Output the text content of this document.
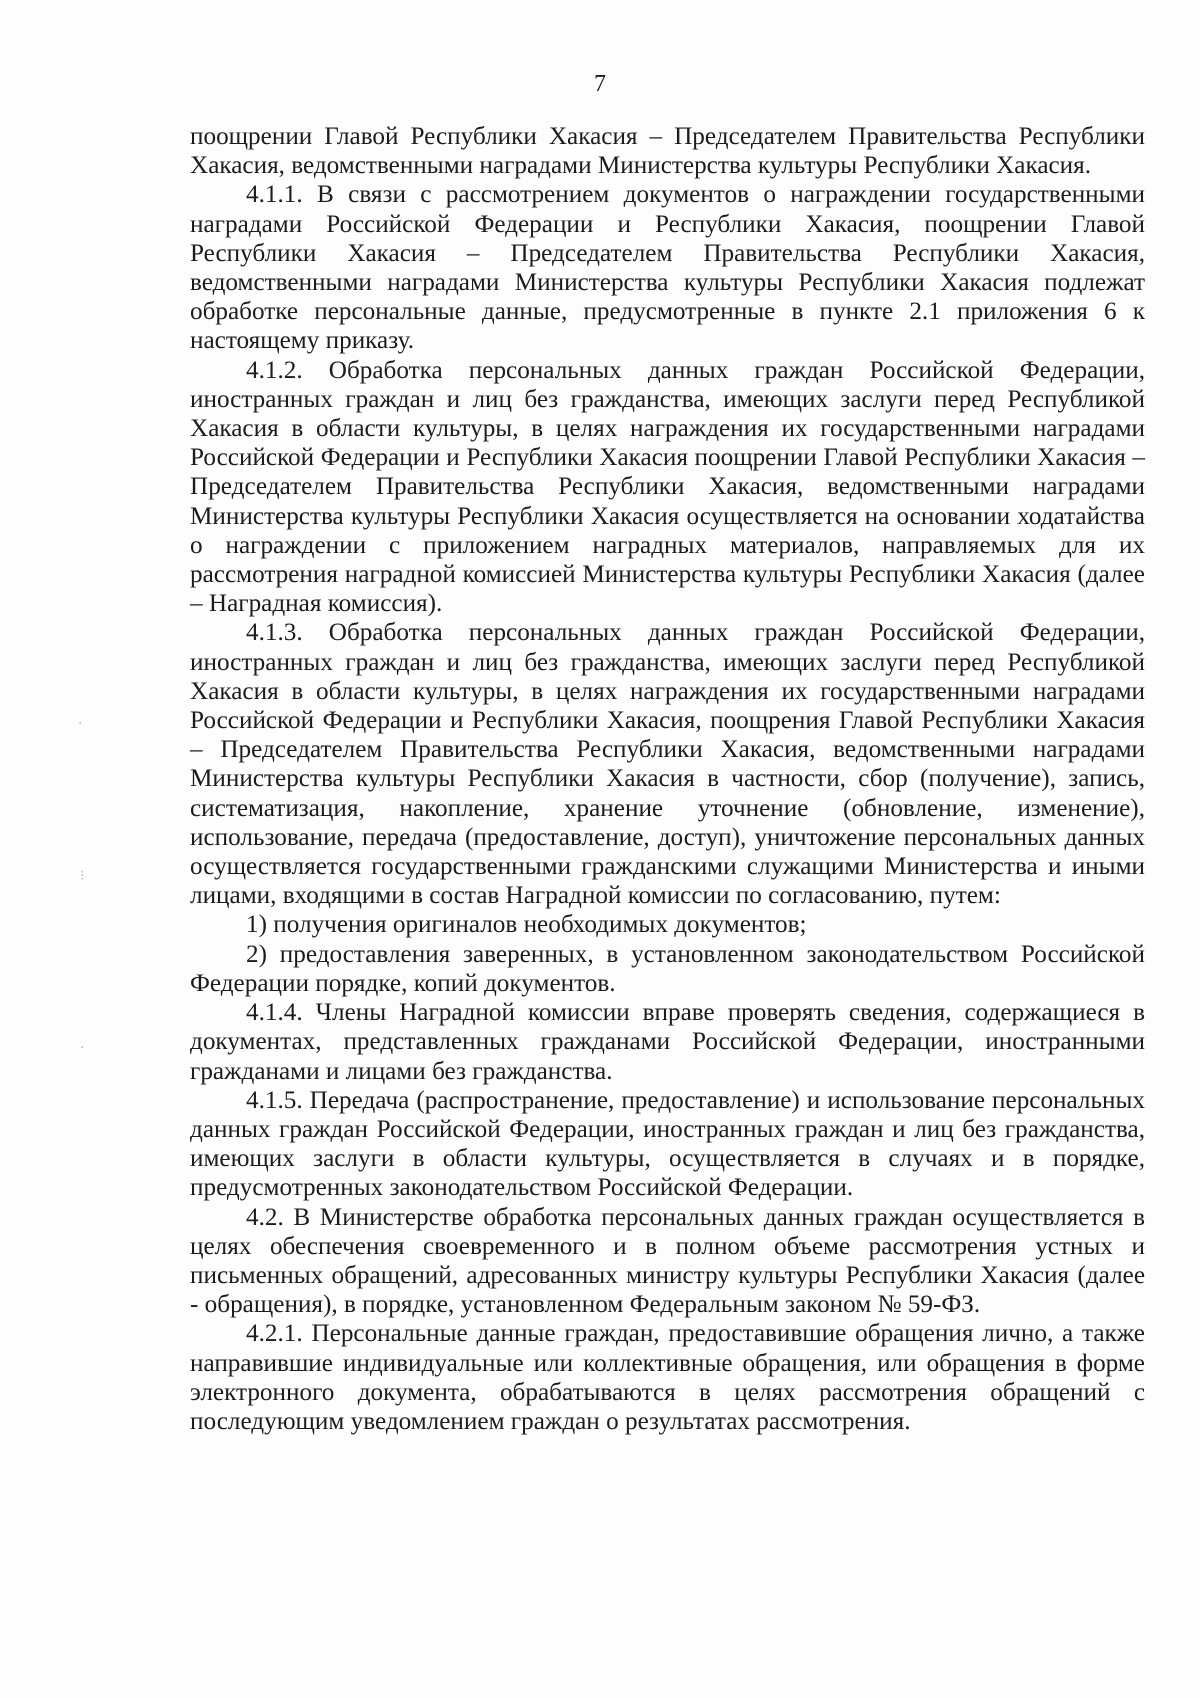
7

поощрении Главой Республики Хакасия – Председателем Правительства Республики Хакасия, ведомственными наградами Министерства культуры Республики Хакасия.

4.1.1. В связи с рассмотрением документов о награждении государственными наградами Российской Федерации и Республики Хакасия, поощрении Главой Республики Хакасия – Председателем Правительства Республики Хакасия, ведомственными наградами Министерства культуры Республики Хакасия подлежат обработке персональные данные, предусмотренные в пункте 2.1 приложения 6 к настоящему приказу.

4.1.2. Обработка персональных данных граждан Российской Федерации, иностранных граждан и лиц без гражданства, имеющих заслуги перед Республикой Хакасия в области культуры, в целях награждения их государственными наградами Российской Федерации и Республики Хакасия поощрении Главой Республики Хакасия – Председателем Правительства Республики Хакасия, ведомственными наградами Министерства культуры Республики Хакасия осуществляется на основании ходатайства о награждении с приложением наградных материалов, направляемых для их рассмотрения наградной комиссией Министерства культуры Республики Хакасия (далее – Наградная комиссия).

4.1.3. Обработка персональных данных граждан Российской Федерации, иностранных граждан и лиц без гражданства, имеющих заслуги перед Республикой Хакасия в области культуры, в целях награждения их государственными наградами Российской Федерации и Республики Хакасия, поощрения Главой Республики Хакасия – Председателем Правительства Республики Хакасия, ведомственными наградами Министерства культуры Республики Хакасия в частности, сбор (получение), запись, систематизация, накопление, хранение уточнение (обновление, изменение), использование, передача (предоставление, доступ), уничтожение персональных данных осуществляется государственными гражданскими служащими Министерства и иными лицами, входящими в состав Наградной комиссии по согласованию, путем:

1) получения оригиналов необходимых документов;

2) предоставления заверенных, в установленном законодательством Российской Федерации порядке, копий документов.

4.1.4. Члены Наградной комиссии вправе проверять сведения, содержащиеся в документах, представленных гражданами Российской Федерации, иностранными гражданами и лицами без гражданства.

4.1.5. Передача (распространение, предоставление) и использование персональных данных граждан Российской Федерации, иностранных граждан и лиц без гражданства, имеющих заслуги в области культуры, осуществляется в случаях и в порядке, предусмотренных законодательством Российской Федерации.

4.2. В Министерстве обработка персональных данных граждан осуществляется в целях обеспечения своевременного и в полном объеме рассмотрения устных и письменных обращений, адресованных министру культуры Республики Хакасия (далее - обращения), в порядке, установленном Федеральным законом № 59-ФЗ.

4.2.1. Персональные данные граждан, предоставившие обращения лично, а также направившие индивидуальные или коллективные обращения, или обращения в форме электронного документа, обрабатываются в целях рассмотрения обращений с последующим уведомлением граждан о результатах рассмотрения.

·
⁝
·
